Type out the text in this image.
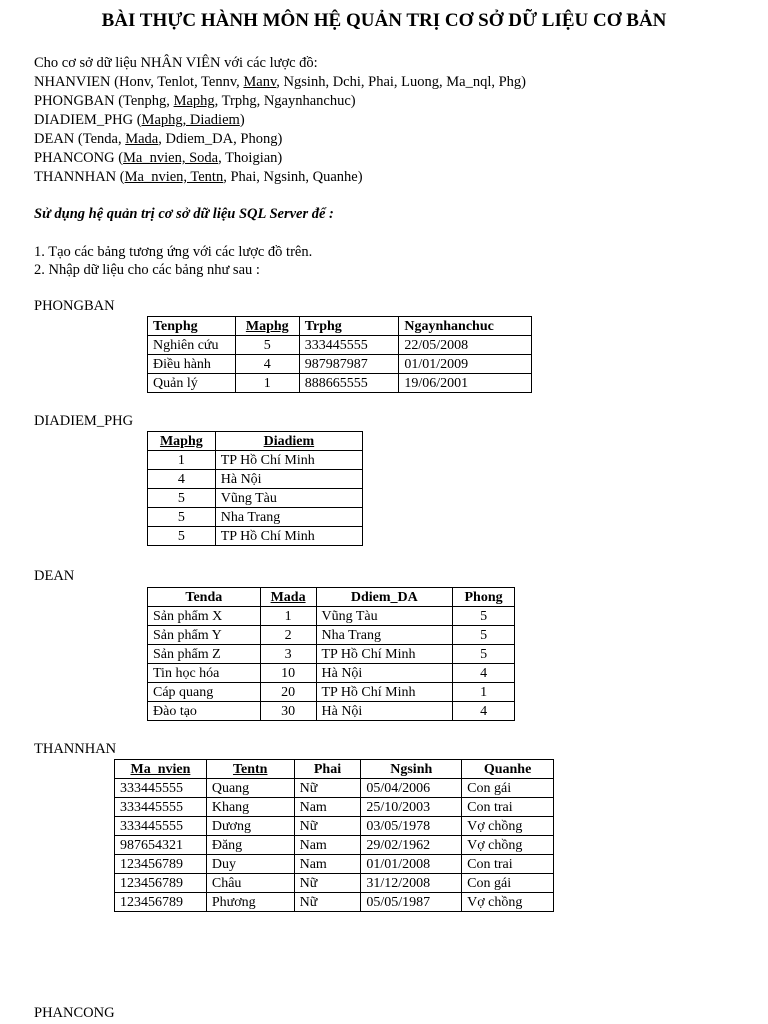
BÀI THỰC HÀNH MÔN HỆ QUẢN TRỊ CƠ SỞ DỮ LIỆU CƠ BẢN

Cho cơ sở dữ liệu NHÂN VIÊN với các lược đồ:

NHANVIEN (Honv, Tenlot, Tennv, Manv, Ngsinh, Dchi, Phai, Luong, Ma_nql, Phg)

PHONGBAN (Tenphg, Maphg, Trphg, Ngaynhanchuc)

DIADIEM_PHG (Maphg, Diadiem)

DEAN (Tenda, Mada, Ddiem_DA, Phong)

PHANCONG (Ma_nvien, Soda, Thoigian)

THANNHAN (Ma_nvien, Tentn, Phai, Ngsinh, Quanhe)

Sử dụng hệ quản trị cơ sở dữ liệu SQL Server để :

1. Tạo các bảng tương ứng với các lược đồ trên.

2. Nhập dữ liệu cho các bảng như sau :

PHONGBAN

Tenphg	Maphg	Trphg	Ngaynhanchuc
Nghiên cứu	5	333445555	22/05/2008
Điều hành	4	987987987	01/01/2009
Quản lý	1	888665555	19/06/2001

DIADIEM_PHG

Maphg	Diadiem
1	TP Hồ Chí Minh
4	Hà Nội
5	Vũng Tàu
5	Nha Trang
5	TP Hồ Chí Minh

DEAN

Tenda	Mada	Ddiem_DA	Phong
Sản phẩm X	1	Vũng Tàu	5
Sản phẩm Y	2	Nha Trang	5
Sản phẩm Z	3	TP Hồ Chí Minh	5
Tin học hóa	10	Hà Nội	4
Cáp quang	20	TP Hồ Chí Minh	1
Đào tạo	30	Hà Nội	4

THANNHAN

Ma_nvien	Tentn	Phai	Ngsinh	Quanhe
333445555	Quang	Nữ	05/04/2006	Con gái
333445555	Khang	Nam	25/10/2003	Con trai
333445555	Dương	Nữ	03/05/1978	Vợ chồng
987654321	Đăng	Nam	29/02/1962	Vợ chồng
123456789	Duy	Nam	01/01/2008	Con trai
123456789	Châu	Nữ	31/12/2008	Con gái
123456789	Phương	Nữ	05/05/1987	Vợ chồng

PHANCONG
